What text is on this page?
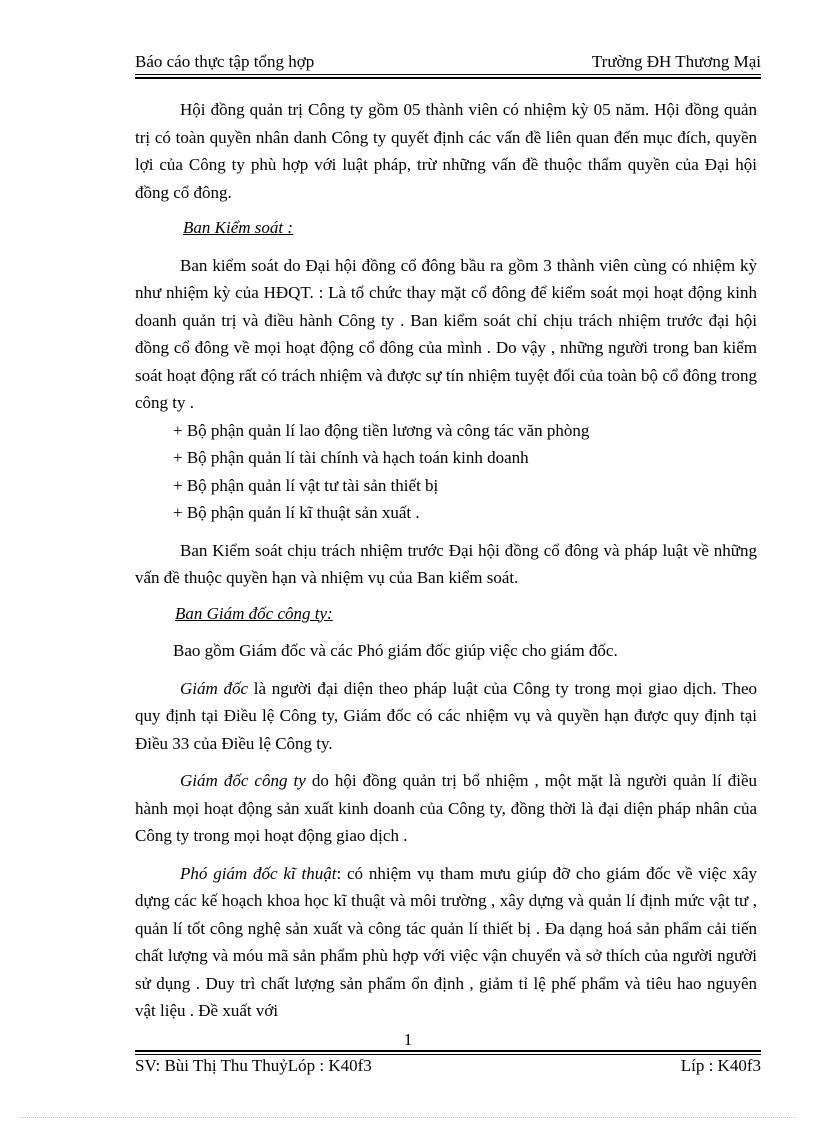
Báo cáo thực tập tổng hợp	Trường ĐH Thương Mại

Hội đồng quản trị Công ty gồm 05 thành viên có nhiệm kỳ 05 năm. Hội đồng quản trị có toàn quyền nhân danh Công ty quyết định các vấn đề liên quan đến mục đích, quyền lợi của Công ty phù hợp với luật pháp, trừ những vấn đề thuộc thẩm quyền của Đại hội đồng cổ đông.

Ban Kiểm soát :

Ban kiểm soát do Đại hội đồng cổ đông bầu ra gồm 3 thành viên cùng có nhiệm kỳ như nhiệm kỳ của HĐQT. : Là tổ chức thay mặt cổ đông để kiểm soát mọi hoạt động kinh doanh quản trị và điều hành Công ty . Ban kiểm soát chỉ chịu trách nhiệm trước đại hội đồng cổ đông về mọi hoạt động cổ đông của mình . Do vậy , những người trong ban kiểm soát hoạt động rất có trách nhiệm và được sự tín nhiệm tuyệt đối của toàn bộ cổ đông trong công ty .

+ Bộ phận quản lí lao động tiền lương và công tác văn phòng

+ Bộ phận quản lí tài chính và hạch toán kinh doanh

+ Bộ phận quản lí vật tư tài sản thiết bị

+ Bộ phận quản lí kĩ thuật sản xuất .

Ban Kiểm soát chịu trách nhiệm trước Đại hội đồng cổ đông và pháp luật về những vấn đề thuộc quyền hạn và nhiệm vụ của Ban kiểm soát.

Ban Giám đốc công ty:

Bao gồm Giám đốc và các Phó giám đốc giúp việc cho giám đốc.

Giám đốc là người đại diện theo pháp luật của Công ty trong mọi giao dịch. Theo quy định tại Điều lệ Công ty, Giám đốc có các nhiệm vụ và quyền hạn được quy định tại Điều 33 của Điều lệ Công ty.

Giám đốc công ty do hội đồng quản trị bổ nhiệm , một mặt là người quản lí điều hành mọi hoạt động sản xuất kinh doanh của Công ty, đồng thời là đại diện pháp nhân của Công ty trong mọi hoạt động giao dịch .

Phó giám đốc kĩ thuật: có nhiệm vụ tham mưu giúp đỡ cho giám đốc về việc xây dựng các kế hoạch khoa học kĩ thuật và môi trường , xây dựng và quản lí định mức vật tư , quản lí tốt công nghệ sản xuất và công tác quản lí thiết bị . Đa dạng hoá sản phẩm cải tiến chất lượng và móu mã sản phẩm phù hợp với việc vận chuyển và sở thích của người người sử dụng . Duy trì chất lượng sản phẩm ổn định , giảm tỉ lệ phế phẩm và tiêu hao nguyên vật liệu . Đề xuất với

1
SV: Bùi Thị Thu ThuỷLóp : K40f3	Líp : K40f3
